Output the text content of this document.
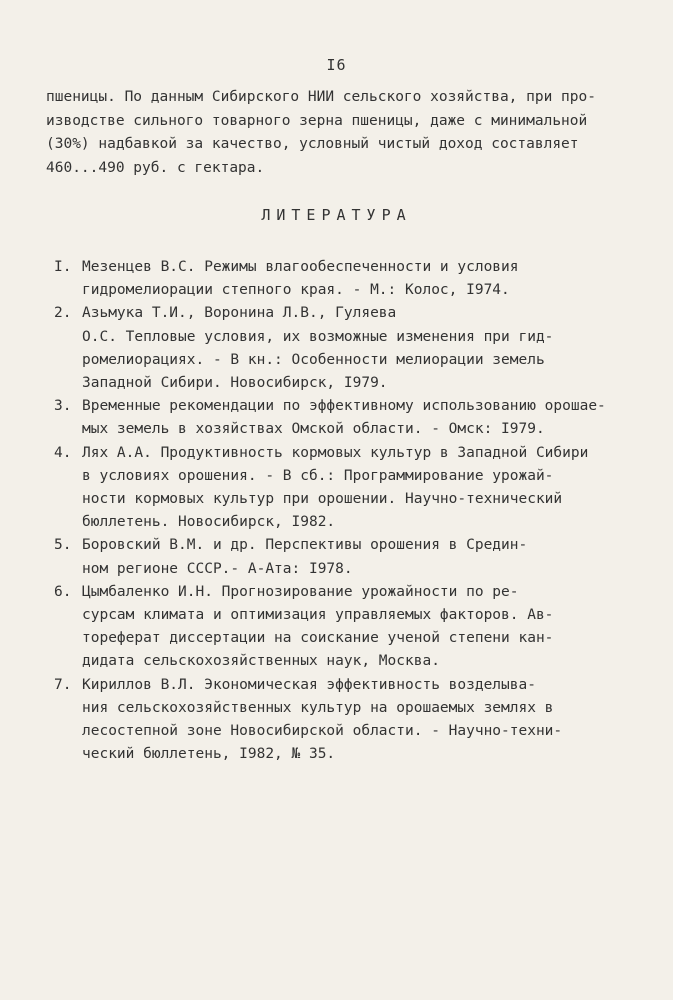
I6
пшеницы. По данным Сибирского НИИ сельского хозяйства, при про-
изводстве сильного товарного зерна пшеницы, даже с минимальной
(30%) надбавкой за качество, условный чистый доход составляет
460...490 руб. с гектара.
ЛИТЕРАТУРА
I. Мезенцев В.С. Режимы влагообеспеченности и условия
гидромелиорации степного края. - М.: Колос, I974.
2. Азьмука Т.И., Воронина Л.В., Гуляева
О.С. Тепловые условия, их возможные изменения при гид-
ромелиорациях. - В кн.: Особенности мелиорации земель
Западной Сибири. Новосибирск, I979.
3. Временные рекомендации по эффективному использованию орошае-
мых земель в хозяйствах Омской области. - Омск: I979.
4. Лях А.А. Продуктивность кормовых культур в Западной Сибири
в условиях орошения. - В сб.: Программирование урожай-
ности кормовых культур при орошении. Научно-технический
бюллетень. Новосибирск, I982.
5. Боровский В.М. и др. Перспективы орошения в Средин-
ном регионе СССР.- А-Ата: I978.
6. Цымбаленко И.Н. Прогнозирование урожайности по ре-
сурсам климата и оптимизация управляемых факторов. Ав-
тореферат диссертации на соискание ученой степени кан-
дидата сельскохозяйственных наук, Москва.
7. Кириллов В.Л. Экономическая эффективность возделыва-
ния сельскохозяйственных культур на орошаемых землях в
лесостепной зоне Новосибирской области. - Научно-техни-
ческий бюллетень, I982, № 35.
